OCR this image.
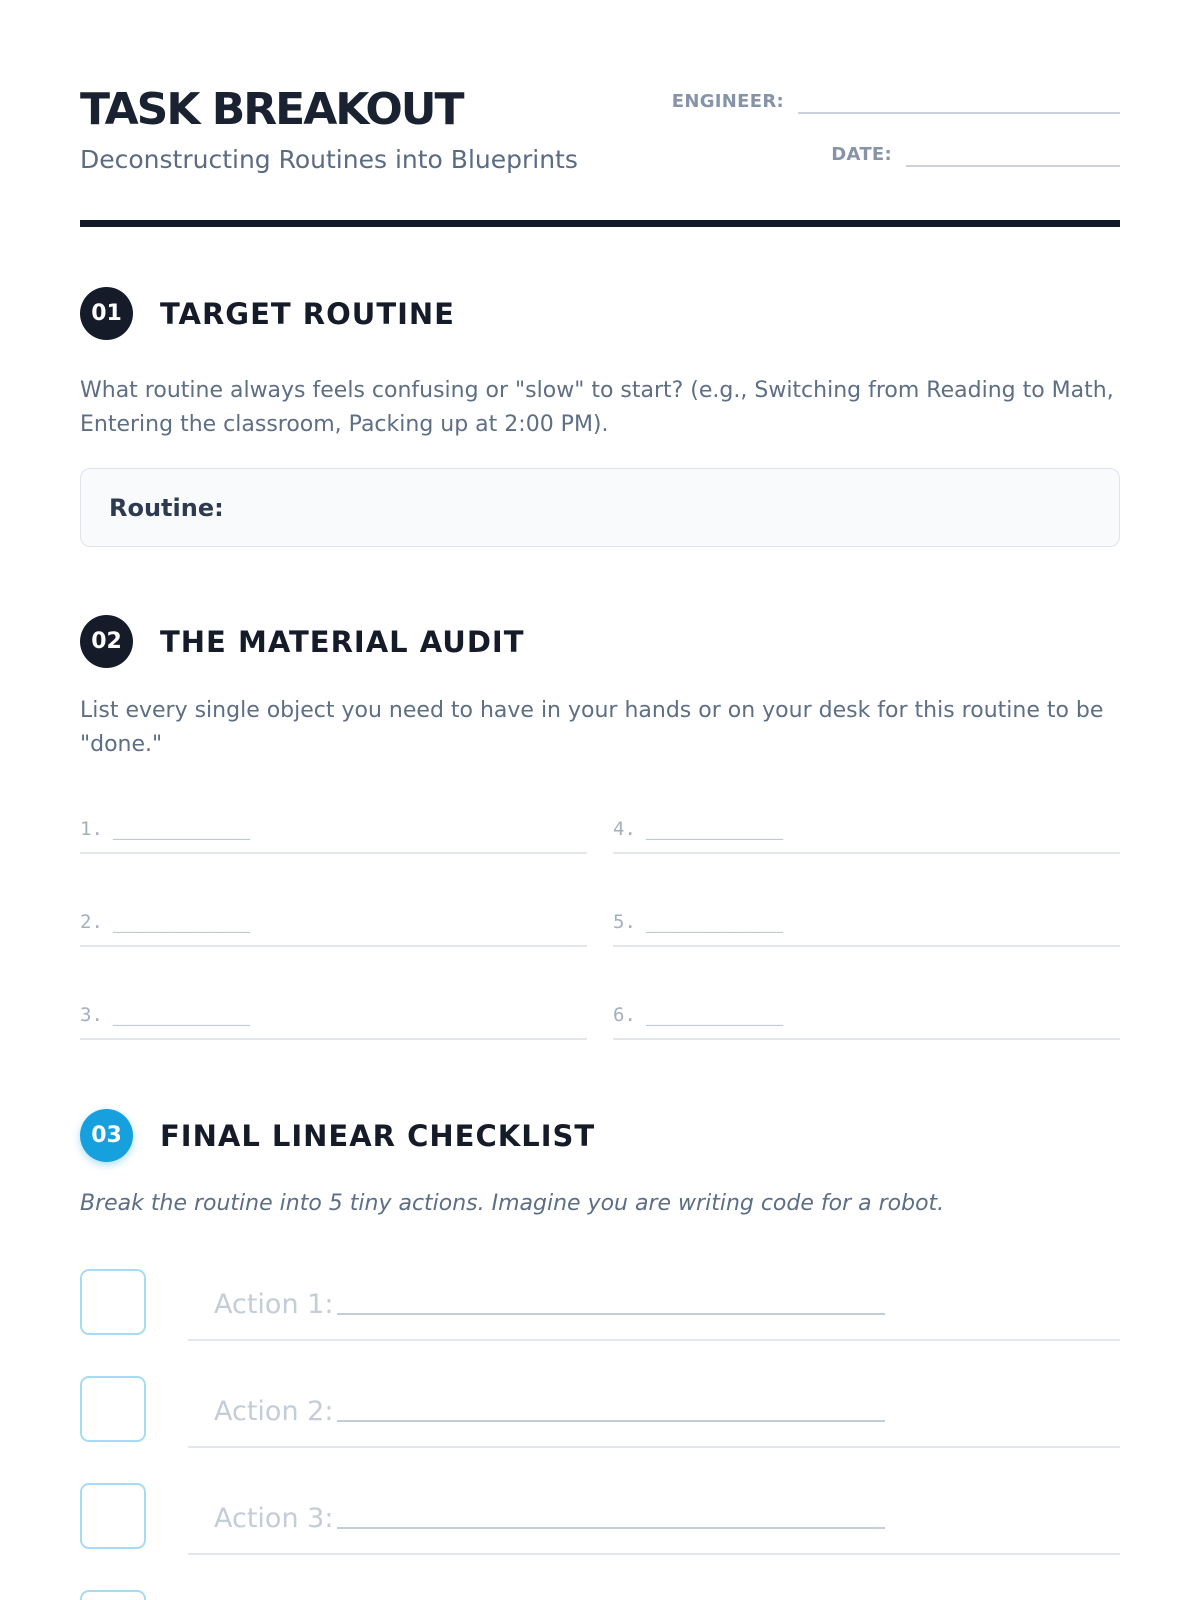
TASK BREAKOUT
Deconstructing Routines into Blueprints
ENGINEER:
DATE:
01	TARGET ROUTINE
What routine always feels confusing or "slow" to start? (e.g., Switching from Reading to Math, Entering the classroom, Packing up at 2:00 PM).
Routine:
02	THE MATERIAL AUDIT
List every single object you need to have in your hands or on your desk for this routine to be "done."
1. ____________
2. ____________
3. ____________
4. ____________
5. ____________
6. ____________
03	FINAL LINEAR CHECKLIST
Break the routine into 5 tiny actions. Imagine you are writing code for a robot.
Action 1:
Action 2:
Action 3:
